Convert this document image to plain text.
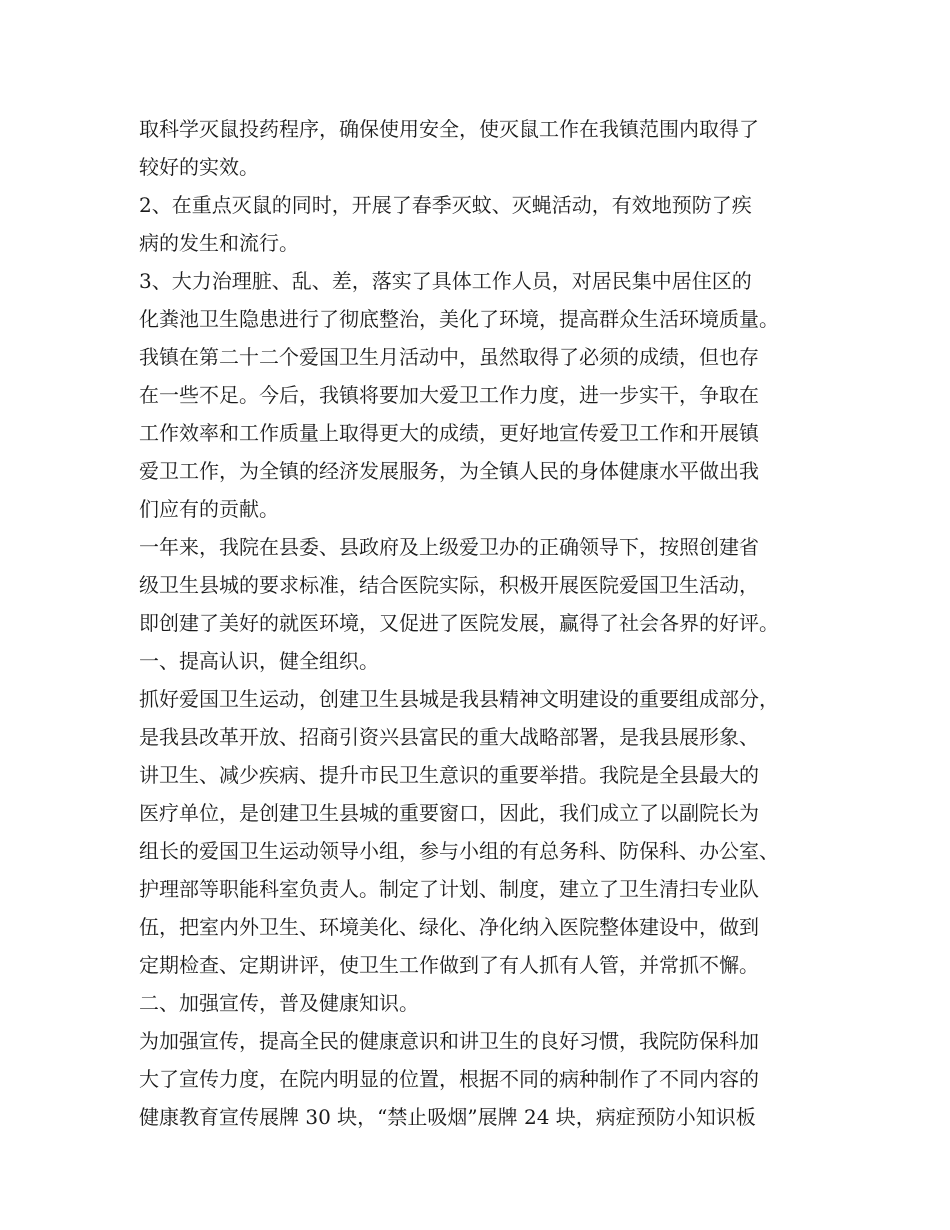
取科学灭鼠投药程序，确保使用安全，使灭鼠工作在我镇范围内取得了
较好的实效。
2、在重点灭鼠的同时，开展了春季灭蚊、灭蝇活动，有效地预防了疾
病的发生和流行。
3、大力治理脏、乱、差，落实了具体工作人员，对居民集中居住区的
化粪池卫生隐患进行了彻底整治，美化了环境，提高群众生活环境质量。
我镇在第二十二个爱国卫生月活动中，虽然取得了必须的成绩，但也存
在一些不足。今后，我镇将要加大爱卫工作力度，进一步实干，争取在
工作效率和工作质量上取得更大的成绩，更好地宣传爱卫工作和开展镇
爱卫工作，为全镇的经济发展服务，为全镇人民的身体健康水平做出我
们应有的贡献。
一年来，我院在县委、县政府及上级爱卫办的正确领导下，按照创建省
级卫生县城的要求标准，结合医院实际，积极开展医院爱国卫生活动，
即创建了美好的就医环境，又促进了医院发展，赢得了社会各界的好评。
一、提高认识，健全组织。
抓好爱国卫生运动，创建卫生县城是我县精神文明建设的重要组成部分，
是我县改革开放、招商引资兴县富民的重大战略部署，是我县展形象、
讲卫生、减少疾病、提升市民卫生意识的重要举措。我院是全县最大的
医疗单位，是创建卫生县城的重要窗口，因此，我们成立了以副院长为
组长的爱国卫生运动领导小组，参与小组的有总务科、防保科、办公室、
护理部等职能科室负责人。制定了计划、制度，建立了卫生清扫专业队
伍，把室内外卫生、环境美化、绿化、净化纳入医院整体建设中，做到
定期检查、定期讲评，使卫生工作做到了有人抓有人管，并常抓不懈。
二、加强宣传，普及健康知识。
为加强宣传，提高全民的健康意识和讲卫生的良好习惯，我院防保科加
大了宣传力度，在院内明显的位置，根据不同的病种制作了不同内容的
健康教育宣传展牌 30 块，“禁止吸烟”展牌 24 块，病症预防小知识板
